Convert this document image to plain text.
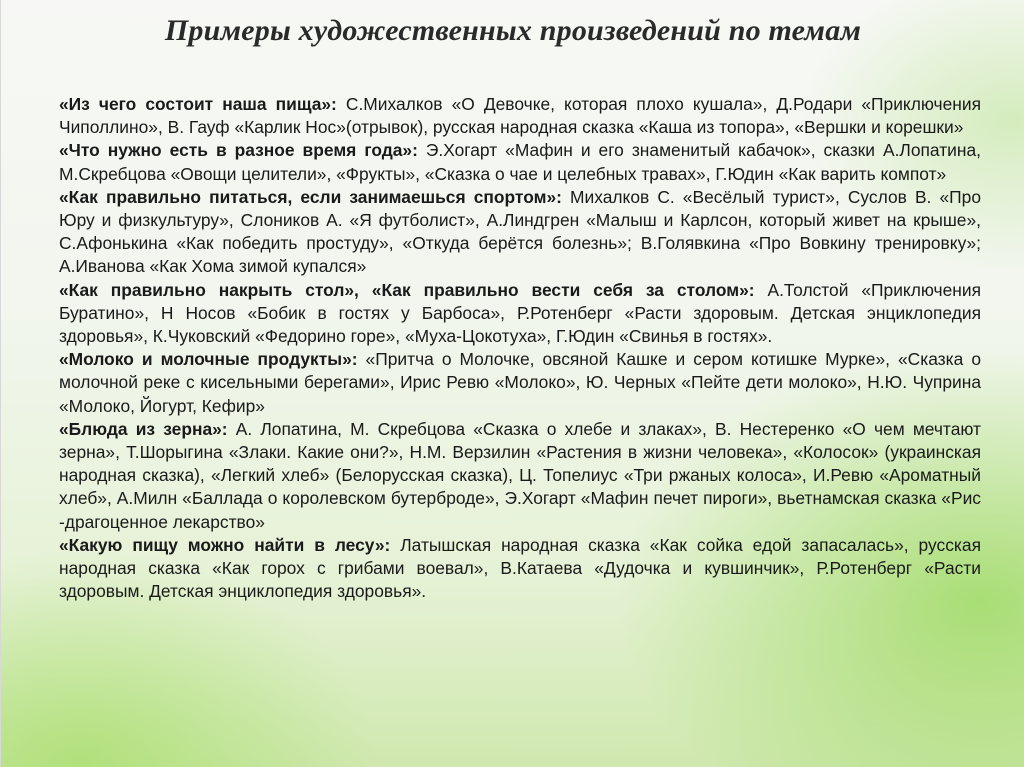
Примеры художественных произведений по темам

«Из чего состоит наша пища»: С.Михалков «О Девочке, которая плохо кушала», Д.Родари «Приключения Чиполлино», В. Гауф «Карлик Нос»(отрывок), русская народная сказка «Каша из топора», «Вершки и корешки»

«Что нужно есть в разное время года»: Э.Хогарт «Мафин и его знаменитый кабачок», сказки А.Лопатина, М.Скребцова «Овощи целители», «Фрукты», «Сказка о чае и целебных травах», Г.Юдин «Как варить компот»

«Как правильно питаться, если занимаешься спортом»: Михалков С. «Весёлый турист», Суслов В. «Про Юру и физкультуру», Слоников А. «Я футболист», А.Линдгрен «Малыш и Карлсон, который живет на крыше», С.Афонькина «Как победить простуду», «Откуда берётся болезнь»; В.Голявкина «Про Вовкину тренировку»; А.Иванова «Как Хома зимой купался»

«Как правильно накрыть стол», «Как правильно вести себя за столом»: А.Толстой «Приключения Буратино», Н Носов «Бобик в гостях у Барбоса», Р.Ротенберг «Расти здоровым. Детская энциклопедия здоровья», К.Чуковский «Федорино горе», «Муха-Цокотуха», Г.Юдин «Свинья в гостях».

«Молоко и молочные продукты»: «Притча о Молочке, овсяной Кашке и сером котишке Мурке», «Сказка о молочной реке с кисельными берегами», Ирис Ревю «Молоко», Ю. Черных «Пейте дети молоко», Н.Ю. Чуприна «Молоко, Йогурт, Кефир»

«Блюда из зерна»: А. Лопатина, М. Скребцова «Сказка о хлебе и злаках», В. Нестеренко «О чем мечтают зерна», Т.Шорыгина «Злаки. Какие они?», Н.М. Верзилин «Растения в жизни человека», «Колосок» (украинская народная сказка), «Легкий хлеб» (Белорусская сказка), Ц. Топелиус «Три ржаных колоса», И.Ревю «Ароматный хлеб», А.Милн «Баллада о королевском бутерброде», Э.Хогарт «Мафин печет пироги», вьетнамская сказка «Рис -драгоценное лекарство»

«Какую пищу можно найти в лесу»: Латышская народная сказка «Как сойка едой запасалась», русская народная сказка «Как горох с грибами воевал», В.Катаева «Дудочка и кувшинчик», Р.Ротенберг «Расти здоровым. Детская энциклопедия здоровья».
